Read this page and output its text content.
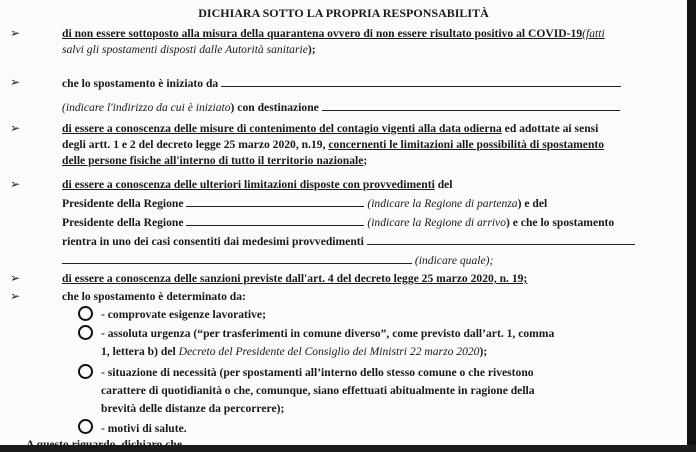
DICHIARA SOTTO LA PROPRIA RESPONSABILITÀ
➢	di non essere sottoposto alla misura della quarantena ovvero di non essere risultato positivo al COVID-19(fatti
salvi gli spostamenti disposti dalle Autorità sanitarie);
➢	che lo spostamento è iniziato da
(indicare l'indirizzo da cui è iniziato) con destinazione
➢	di essere a conoscenza delle misure di contenimento del contagio vigenti alla data odierna ed adottate ai sensi
degli artt. 1 e 2 del decreto legge 25 marzo 2020, n.19, concernenti le limitazioni alle possibilità di spostamento
delle persone fisiche all'interno di tutto il territorio nazionale;
➢	di essere a conoscenza delle ulteriori limitazioni disposte con provvedimenti del
Presidente della Regione	(indicare la Regione di partenza) e del
Presidente della Regione	(indicare la Regione di arrivo) e che lo spostamento
rientra in uno dei casi consentiti dai medesimi provvedimenti
(indicare quale);
➢	di essere a conoscenza delle sanzioni previste dall'art. 4 del decreto legge 25 marzo 2020, n. 19;
➢	che lo spostamento è determinato da:
- comprovate esigenze lavorative;
- assoluta urgenza (“per trasferimenti in comune diverso”, come previsto dall’art. 1, comma
1, lettera b) del Decreto del Presidente del Consiglio dei Ministri 22 marzo 2020);
- situazione di necessità (per spostamenti all’interno dello stesso comune o che rivestono
carattere di quotidianità o che, comunque, siano effettuati abitualmente in ragione della
brevità delle distanze da percorrere);
- motivi di salute.
A questo riguardo, dichiaro che
